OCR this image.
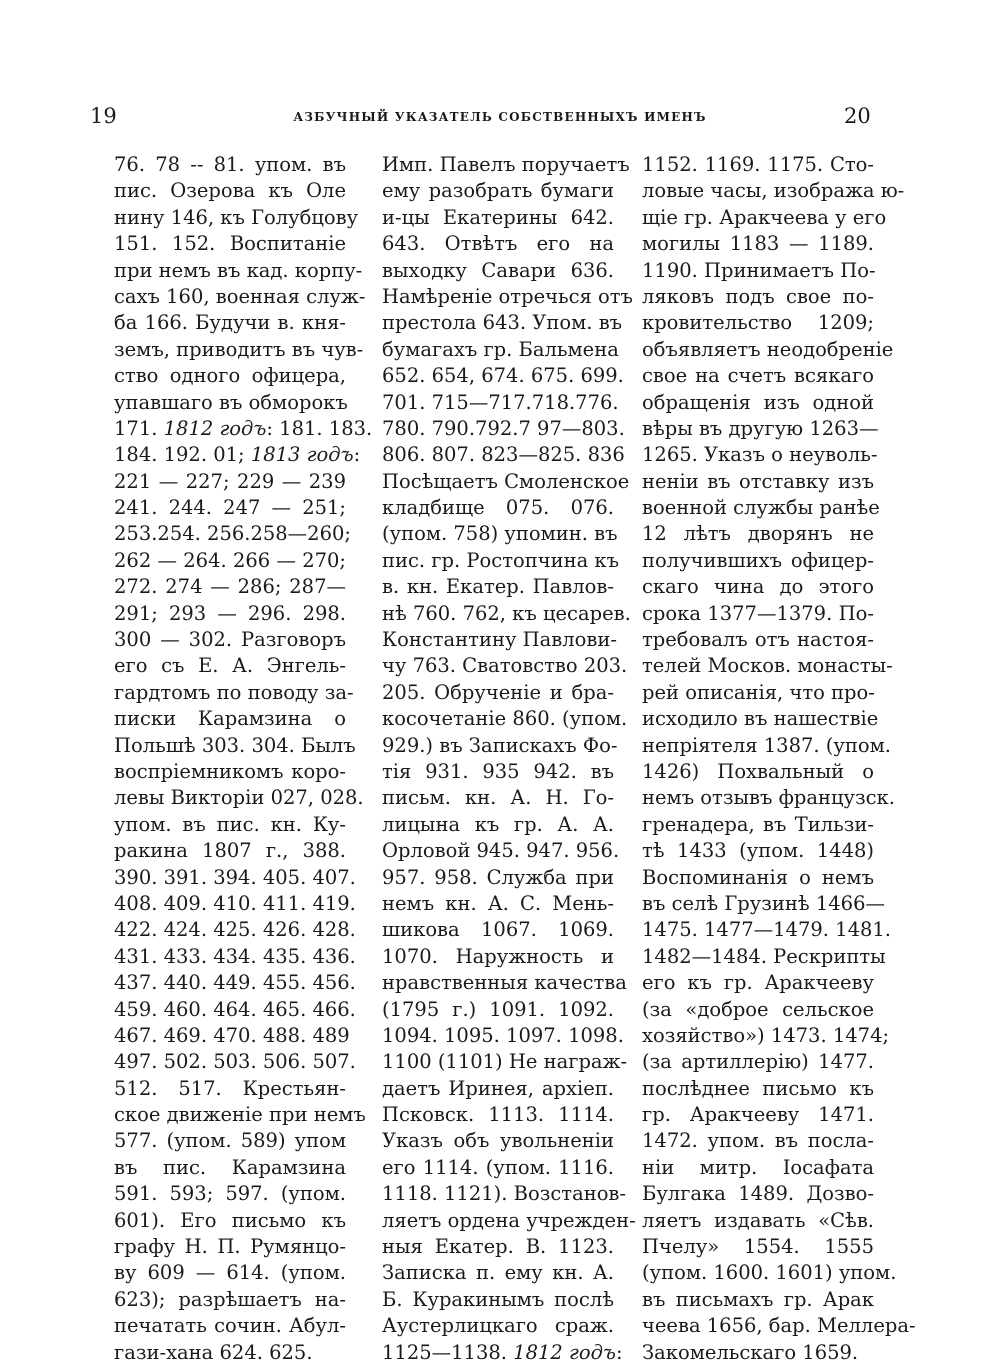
19	АЗБУЧНЫЙ УКАЗАТЕЛЬ СОБСТВЕННЫХЪ ИМЕНЪ	20
76. 78 -- 81. упом. въ
пис. Озерова къ Оле
нину 146, къ Голубцову
151. 152. Воспитаніе
при немъ въ кад. корпу-
сахъ 160, военная служ-
ба 166. Будучи в. кня-
земъ, приводитъ въ чув-
ство одного офицера,
упавшаго въ обморокъ
171. 1812 годъ: 181. 183.
184. 192. 01; 1813 годъ:
221 — 227; 229 — 239
241. 244. 247 — 251;
253.254. 256.258—260;
262 — 264. 266 — 270;
272. 274 — 286; 287—
291; 293 — 296. 298.
300 — 302. Разговоръ
его съ Е. А. Энгель-
гардтомъ по поводу за-
писки Карамзина о
Польшѣ 303. 304. Былъ
воспріемникомъ коро-
левы Викторіи 027, 028.
упом. въ пис. кн. Ку-
ракина 1807 г., 388.
390. 391. 394. 405. 407.
408. 409. 410. 411. 419.
422. 424. 425. 426. 428.
431. 433. 434. 435. 436.
437. 440. 449. 455. 456.
459. 460. 464. 465. 466.
467. 469. 470. 488. 489
497. 502. 503. 506. 507.
512. 517. Крестьян-
ское движеніе при немъ
577. (упом. 589) упом
въ пис. Карамзина
591. 593; 597. (упом.
601). Его письмо къ
графу Н. П. Румянцо-
ву 609 — 614. (упом.
623); разрѣшаетъ на-
печатать сочин. Абул-
гази-хана 624. 625.
Имп. Павелъ поручаетъ
ему разобрать бумаги
и-цы Екатерины 642.
643. Отвѣтъ его на
выходку Савари 636.
Намѣреніе отречься отъ
престола 643. Упом. въ
бумагахъ гр. Бальмена
652. 654, 674. 675. 699.
701. 715—717.718.776.
780. 790.792.7 97—803.
806. 807. 823—825. 836
Посѣщаетъ Смоленское
кладбище 075. 076.
(упом. 758) упомин. въ
пис. гр. Ростопчина къ
в. кн. Екатер. Павлов-
нѣ 760. 762, къ цесарев.
Константину Павлови-
чу 763. Сватовство 203.
205. Обрученіе и бра-
косочетаніе 860. (упом.
929.) въ Запискахъ Фо-
тія 931. 935 942. въ
письм. кн. А. Н. Го-
лицына къ гр. А. А.
Орловой 945. 947. 956.
957. 958. Служба при
немъ кн. А. С. Мень-
шикова 1067. 1069.
1070. Наружность и
нравственныя качества
(1795 г.) 1091. 1092.
1094. 1095. 1097. 1098.
1100 (1101) Не награж-
даетъ Иринея, архіеп.
Псковск. 1113. 1114.
Указъ объ увольненіи
его 1114. (упом. 1116.
1118. 1121). Возстанов-
ляетъ ордена учрежден-
ныя Екатер. В. 1123.
Записка п. ему кн. А.
Б. Куракинымъ послѣ
Аустерлицкаго сраж.
1125—1138. 1812 годъ:
1152. 1169. 1175. Сто-
ловые часы, изобража ю-
щіе гр. Аракчеева у его
могилы 1183 — 1189.
1190. Принимаетъ По-
ляковъ подъ свое по-
кровительство 1209;
объявляетъ неодобреніе
свое на счетъ всякаго
обращенія изъ одной
вѣры въ другую 1263—
1265. Указъ о неуволь-
неніи въ отставку изъ
военной службы ранѣе
12 лѣтъ дворянъ не
получившихъ офицер-
скаго чина до этого
срока 1377—1379. По-
требовалъ отъ настоя-
телей Москов. монасты-
рей описанія, что про-
исходило въ нашествіе
непріятеля 1387. (упом.
1426) Похвальный о
немъ отзывъ французск.
гренадера, въ Тильзи-
тѣ 1433 (упом. 1448)
Воспоминанія о немъ
въ селѣ Грузинѣ 1466—
1475. 1477—1479. 1481.
1482—1484. Рескрипты
его къ гр. Аракчееву
(за «доброе сельское
хозяйство») 1473. 1474;
(за артиллерію) 1477.
послѣднее письмо къ
гр. Аракчееву 1471.
1472. упом. въ посла-
ніи митр. Іосафата
Булгака 1489. Дозво-
ляетъ издавать «Сѣв.
Пчелу» 1554. 1555
(упом. 1600. 1601) упом.
въ письмахъ гр. Арак
чеева 1656, бар. Меллера-
Закомельскаго 1659.
